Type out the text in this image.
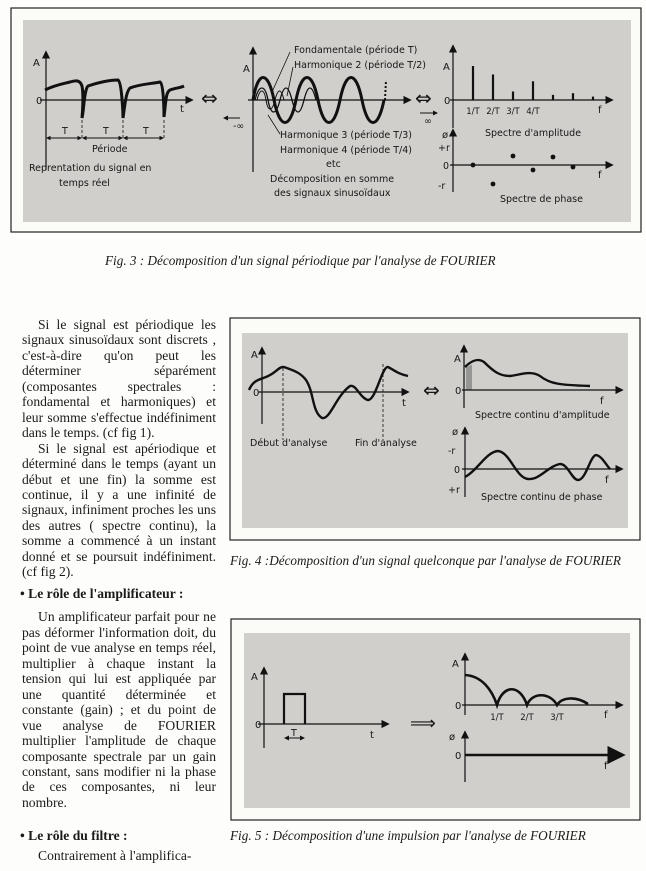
A
0
t
T	T	T
Période
Reprentation du signal en
temps réel
⇔
A
Fondamentale (période T)
Harmonique 2 (période T/2)
Harmonique 3 (période T/3)
Harmonique 4 (période T/4)
etc
Décomposition en somme
des signaux sinusoïdaux
-∞	∞
⇔
A
0
f
1/T 2/T 3/T 4/T
Spectre d'amplitude
ø
+r
0
-r
f
Spectre de phase
Fig. 3 : Décomposition d'un signal périodique par l'analyse de FOURIER

Si le signal est périodique les signaux sinusoïdaux sont discrets , c'est-à-dire qu'on peut les déterminer séparément (composantes spectrales : fondamental et harmoniques) et leur somme s'effectue indéfiniment dans le temps. (cf fig 1).

Si le signal est apériodique et déterminé dans le temps (ayant un début et une fin) la somme est continue, il y a une infinité de signaux, infiniment proches les uns des autres ( spectre continu), la somme a commencé à un instant donné et se poursuit indéfiniment. (cf fig 2).

• Le rôle de l'amplificateur :

Un amplificateur parfait pour ne pas déformer l'information doit, du point de vue analyse en temps réel, multiplier à chaque instant la tension qui lui est appliquée par une quantité déterminée et constante (gain) ; et du point de vue analyse de FOURIER multiplier l'amplitude de chaque composante spectrale par un gain constant, sans modifier ni la phase de ces composantes, ni leur nombre.

• Le rôle du filtre :

Contrairement à l'amplifica-

A
0
t
Début d'analyse	Fin d'analyse
⇔
A
0
f
Spectre continu d'amplitude
ø
-r
0
+r
f
Spectre continu de phase
Fig. 4 :Décomposition d'un signal quelconque par l'analyse de FOURIER
A
0
t
T	⟹
A
0
f
1/T 2/T 3/T
ø
0
f
Fig. 5 : Décomposition d'une impulsion par l'analyse de FOURIER
